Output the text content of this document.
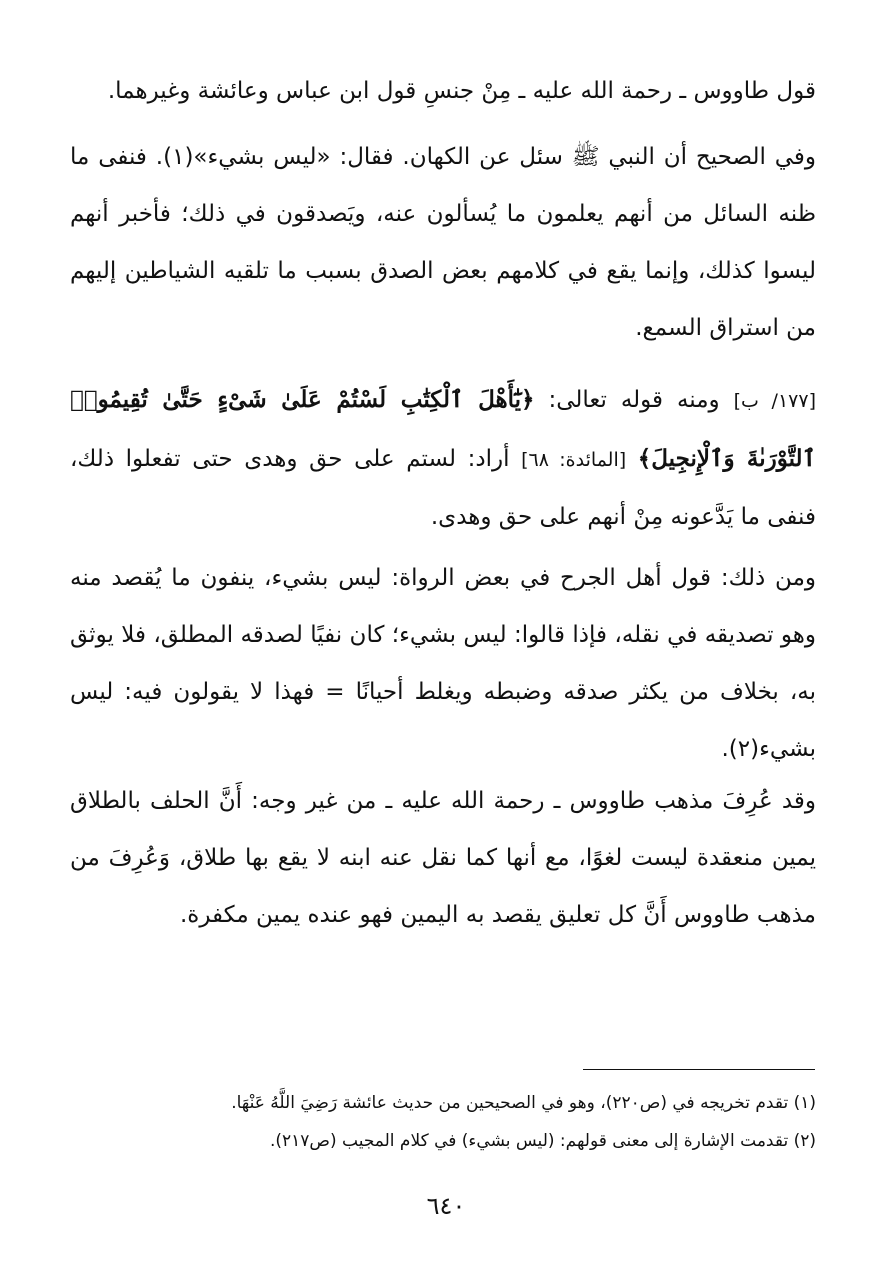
قول طاووس ـ رحمة الله عليه ـ مِنْ جنسِ قول ابن عباس وعائشة وغيرهما.

وفي الصحيح أن النبي ﷺ سئل عن الكهان. فقال: «ليس بشيء»(١). فنفى ما ظنه السائل من أنهم يعلمون ما يُسألون عنه، ويَصدقون في ذلك؛ فأخبر أنهم ليسوا كذلك، وإنما يقع في كلامهم بعض الصدق بسبب ما تلقيه الشياطين إليهم من استراق السمع.

[١٧٧/ ب] ومنه قوله تعالى: ﴿يَٰٓأَهْلَ ٱلْكِتَٰبِ لَسْتُمْ عَلَىٰ شَىْءٍ حَتَّىٰ تُقِيمُوا۟ ٱلتَّوْرَىٰةَ وَٱلْإِنجِيلَ﴾ [المائدة: ٦٨] أراد: لستم على حق وهدى حتى تفعلوا ذلك، فنفى ما يَدَّعونه مِنْ أنهم على حق وهدى.

ومن ذلك: قول أهل الجرح في بعض الرواة: ليس بشيء، ينفون ما يُقصد منه وهو تصديقه في نقله، فإذا قالوا: ليس بشيء؛ كان نفيًا لصدقه المطلق، فلا يوثق به، بخلاف من يكثر صدقه وضبطه ويغلط أحيانًا = فهذا لا يقولون فيه: ليس بشيء(٢).

وقد عُرِفَ مذهب طاووس ـ رحمة الله عليه ـ من غير وجه: أَنَّ الحلف بالطلاق يمين منعقدة ليست لغوًا، مع أنها كما نقل عنه ابنه لا يقع بها طلاق، وَعُرِفَ من مذهب طاووس أَنَّ كل تعليق يقصد به اليمين فهو عنده يمين مكفرة.

(١) تقدم تخريجه في (ص٢٢٠)، وهو في الصحيحين من حديث عائشة رَضِيَ اللَّهُ عَنْهَا.

(٢) تقدمت الإشارة إلى معنى قولهم: (ليس بشيء) في كلام المجيب (ص٢١٧).

٦٤٠
